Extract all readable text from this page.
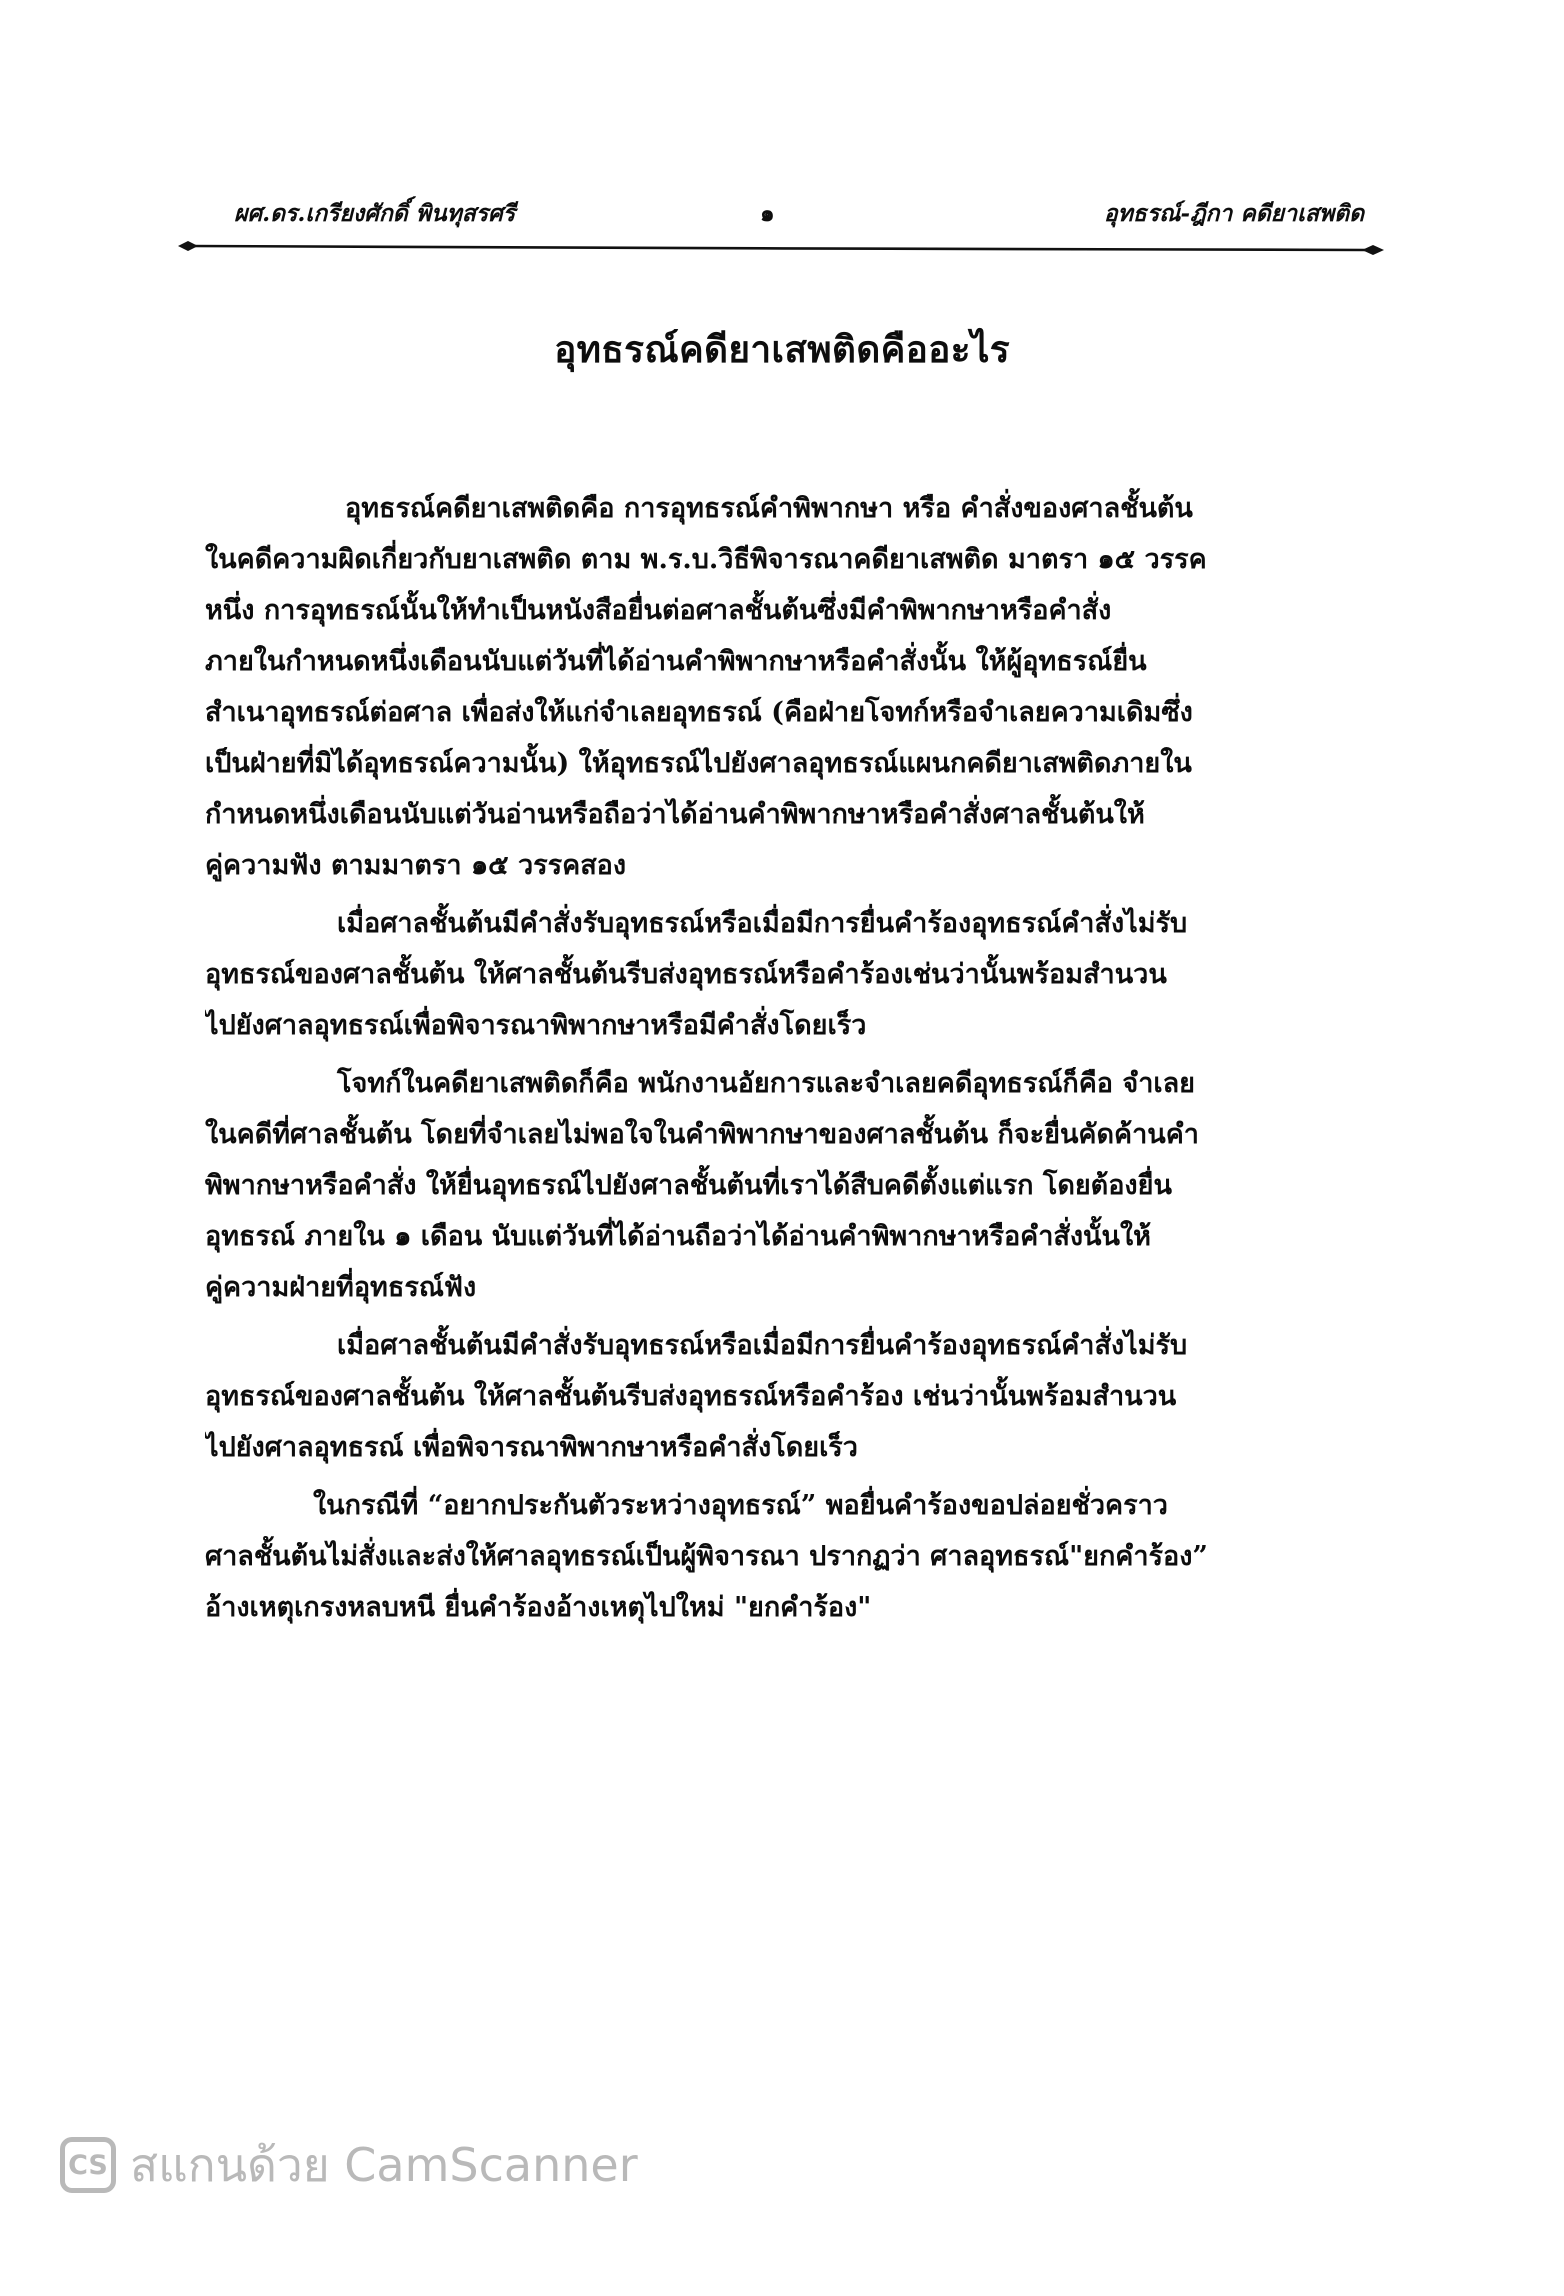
ผศ.ดร.เกรียงศักดิ์ พินทุสรศรี	๑	อุทธรณ์-ฎีกา คดียาเสพติด
อุทธรณ์คดียาเสพติดคืออะไร

อุทธรณ์คดียาเสพติดคือ การอุทธรณ์คำพิพากษา หรือ คำสั่งของศาลชั้นต้น
ในคดีความผิดเกี่ยวกับยาเสพติด ตาม พ.ร.บ.วิธีพิจารณาคดียาเสพติด มาตรา ๑๕ วรรค
หนึ่ง การอุทธรณ์นั้นให้ทำเป็นหนังสือยื่นต่อศาลชั้นต้นซึ่งมีคำพิพากษาหรือคำสั่ง
ภายในกำหนดหนึ่งเดือนนับแต่วันที่ได้อ่านคำพิพากษาหรือคำสั่งนั้น ให้ผู้อุทธรณ์ยื่น
สำเนาอุทธรณ์ต่อศาล เพื่อส่งให้แก่จำเลยอุทธรณ์ (คือฝ่ายโจทก์หรือจำเลยความเดิมซึ่ง
เป็นฝ่ายที่มิได้อุทธรณ์ความนั้น) ให้อุทธรณ์ไปยังศาลอุทธรณ์แผนกคดียาเสพติดภายใน
กำหนดหนึ่งเดือนนับแต่วันอ่านหรือถือว่าได้อ่านคำพิพากษาหรือคำสั่งศาลชั้นต้นให้
คู่ความฟัง ตามมาตรา ๑๕ วรรคสอง

เมื่อศาลชั้นต้นมีคำสั่งรับอุทธรณ์หรือเมื่อมีการยื่นคำร้องอุทธรณ์คำสั่งไม่รับ
อุทธรณ์ของศาลชั้นต้น ให้ศาลชั้นต้นรีบส่งอุทธรณ์หรือคำร้องเช่นว่านั้นพร้อมสำนวน
ไปยังศาลอุทธรณ์เพื่อพิจารณาพิพากษาหรือมีคำสั่งโดยเร็ว

โจทก์ในคดียาเสพติดก็คือ พนักงานอัยการและจำเลยคดีอุทธรณ์ก็คือ จำเลย
ในคดีที่ศาลชั้นต้น โดยที่จำเลยไม่พอใจในคำพิพากษาของศาลชั้นต้น ก็จะยื่นคัดค้านคำ
พิพากษาหรือคำสั่ง ให้ยื่นอุทธรณ์ไปยังศาลชั้นต้นที่เราได้สืบคดีตั้งแต่แรก โดยต้องยื่น
อุทธรณ์ ภายใน ๑ เดือน นับแต่วันที่ได้อ่านถือว่าได้อ่านคำพิพากษาหรือคำสั่งนั้นให้
คู่ความฝ่ายที่อุทธรณ์ฟัง

เมื่อศาลชั้นต้นมีคำสั่งรับอุทธรณ์หรือเมื่อมีการยื่นคำร้องอุทธรณ์คำสั่งไม่รับ
อุทธรณ์ของศาลชั้นต้น ให้ศาลชั้นต้นรีบส่งอุทธรณ์หรือคำร้อง เช่นว่านั้นพร้อมสำนวน
ไปยังศาลอุทธรณ์ เพื่อพิจารณาพิพากษาหรือคำสั่งโดยเร็ว

ในกรณีที่ “อยากประกันตัวระหว่างอุทธรณ์” พอยื่นคำร้องขอปล่อยชั่วคราว
ศาลชั้นต้นไม่สั่งและส่งให้ศาลอุทธรณ์เป็นผู้พิจารณา ปรากฏว่า ศาลอุทธรณ์"ยกคำร้อง”
อ้างเหตุเกรงหลบหนี ยื่นคำร้องอ้างเหตุไปใหม่ "ยกคำร้อง"

CS สแกนด้วย CamScanner
